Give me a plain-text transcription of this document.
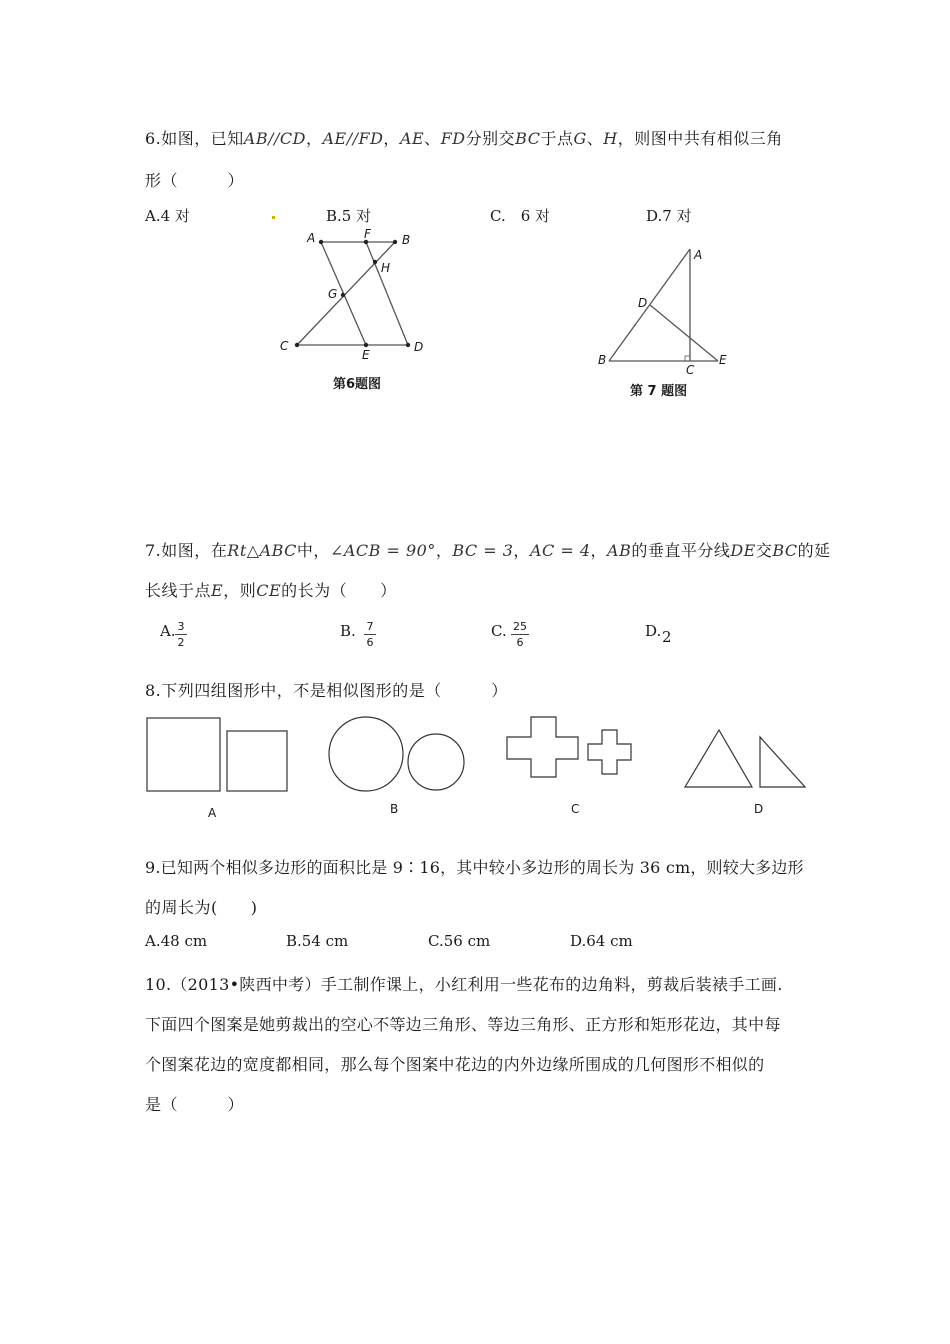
6.如图，已知AB//CD，AE//FD，AE、FD分别交BC于点G、H，则图中共有相似三角
形（　　　）
A.4 对	B.5 对	C.　6 对	D.7 对
A	F	B
H
G
C
E
D
第6题图
A
D
B
C
E
第 7 题图
7.如图，在Rt△ABC中，∠ACB = 90°，BC = 3，AC = 4，AB的垂直平分线DE交BC的延
长线于点E，则CE的长为（　　）
A. 3
2
B. 7
6
C. 25
6
D. 2
8.下列四组图形中，不是相似图形的是（　　　）
A	B	C	D
9.已知两个相似多边形的面积比是 9∶16，其中较小多边形的周长为 36 cm，则较大多边形
的周长为(　　)
A.48 cm	B.54 cm	C.56 cm	D.64 cm
10.（2013•陕西中考）手工制作课上，小红利用一些花布的边角料，剪裁后装裱手工画.
下面四个图案是她剪裁出的空心不等边三角形、等边三角形、正方形和矩形花边，其中每
个图案花边的宽度都相同，那么每个图案中花边的内外边缘所围成的几何图形不相似的
是（　　　）
